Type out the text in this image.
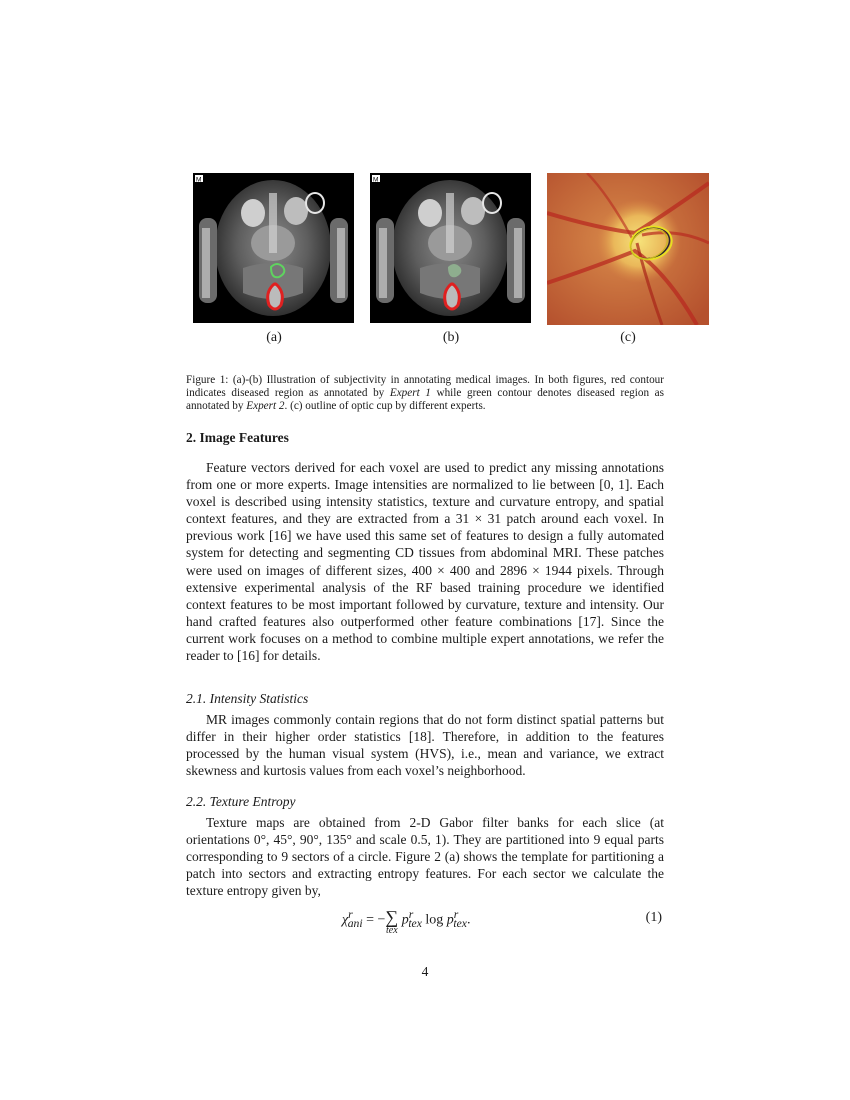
M	M
(a)	(b)	(c)
Figure 1: (a)-(b) Illustration of subjectivity in annotating medical images. In both figures, red contour indicates diseased region as annotated by Expert 1 while green contour denotes diseased region as annotated by Expert 2. (c) outline of optic cup by different experts.
2. Image Features
Feature vectors derived for each voxel are used to predict any missing annotations from one or more experts. Image intensities are normalized to lie between [0, 1]. Each voxel is described using intensity statistics, texture and curvature entropy, and spatial context features, and they are extracted from a 31 × 31 patch around each voxel. In previous work [16] we have used this same set of features to design a fully automated system for detecting and segmenting CD tissues from abdominal MRI. These patches were used on images of different sizes, 400 × 400 and 2896 × 1944 pixels. Through extensive experimental analysis of the RF based training procedure we identified context features to be most important followed by curvature, texture and intensity. Our hand crafted features also outperformed other feature combinations [17]. Since the current work focuses on a method to combine multiple expert annotations, we refer the reader to [16] for details.
2.1. Intensity Statistics
MR images commonly contain regions that do not form distinct spatial patterns but differ in their higher order statistics [18]. Therefore, in addition to the features processed by the human visual system (HVS), i.e., mean and variance, we extract skewness and kurtosis values from each voxel’s neighborhood.
2.2. Texture Entropy
Texture maps are obtained from 2-D Gabor filter banks for each slice (at orientations 0°, 45°, 90°, 135° and scale 0.5, 1). They are partitioned into 9 equal parts corresponding to 9 sectors of a circle. Figure 2 (a) shows the template for partitioning a patch into sectors and extracting entropy features. For each sector we calculate the texture entropy given by,
$\chi^r_{ani}$ = − ∑
tex
$p^r_{tex}$ $\log p^r_{tex}$.	(1)
4
